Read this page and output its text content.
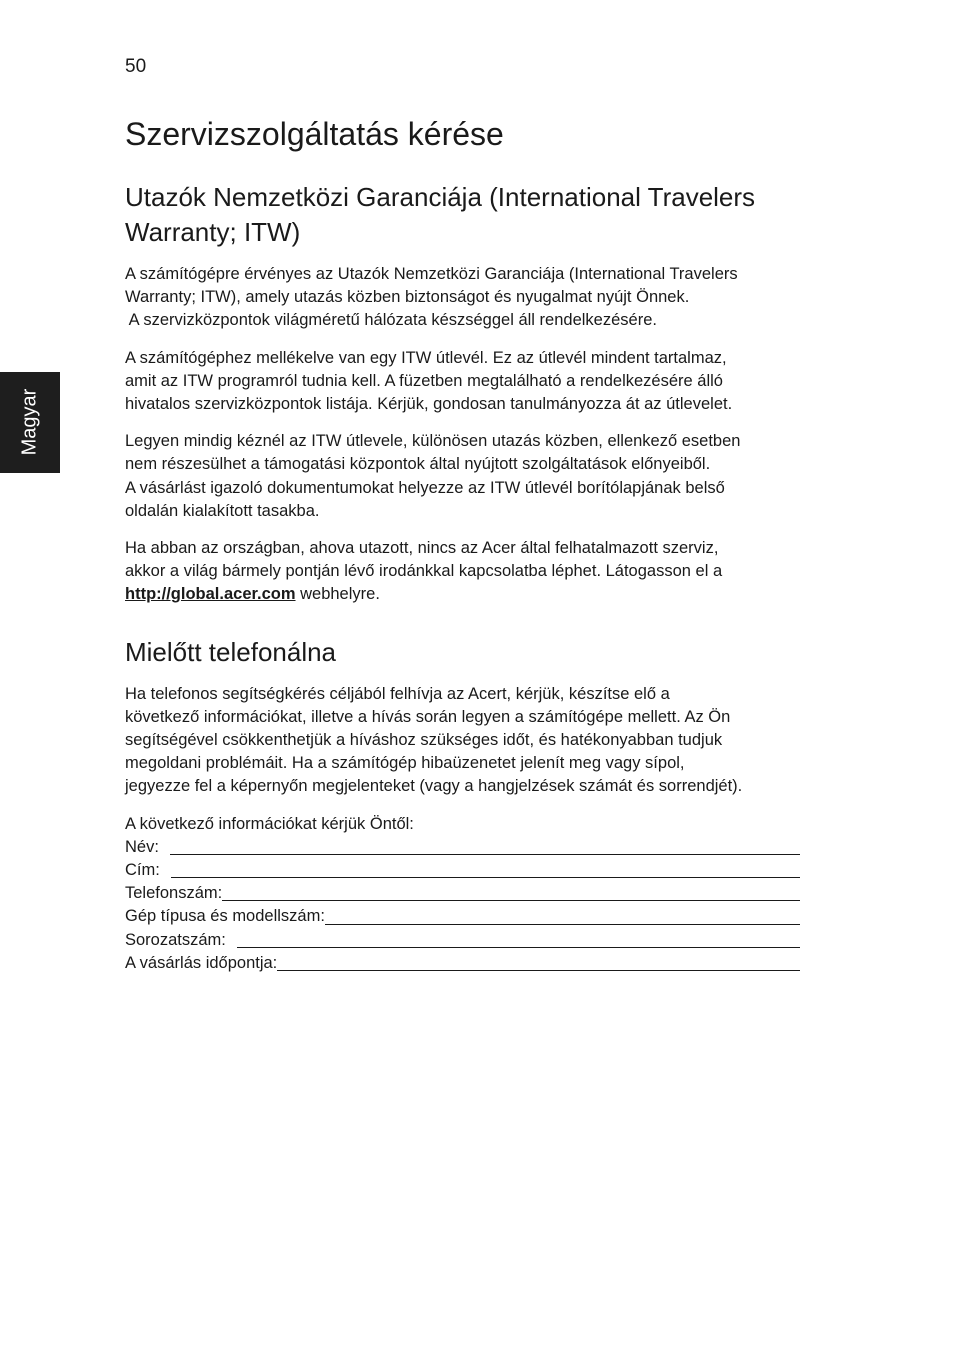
50
Magyar
Szervizszolgáltatás kérése
Utazók Nemzetközi Garanciája (International Travelers
Warranty; ITW)

A számítógépre érvényes az Utazók Nemzetközi Garanciája (International Travelers
Warranty; ITW), amely utazás közben biztonságot és nyugalmat nyújt Önnek.
A szervizközpontok világméretű hálózata készséggel áll rendelkezésére.

A számítógéphez mellékelve van egy ITW útlevél. Ez az útlevél mindent tartalmaz,
amit az ITW programról tudnia kell. A füzetben megtalálható a rendelkezésére álló
hivatalos szervizközpontok listája. Kérjük, gondosan tanulmányozza át az útlevelet.

Legyen mindig kéznél az ITW útlevele, különösen utazás közben, ellenkező esetben
nem részesülhet a támogatási központok által nyújtott szolgáltatások előnyeiből.
A vásárlást igazoló dokumentumokat helyezze az ITW útlevél borítólapjának belső
oldalán kialakított tasakba.

Ha abban az országban, ahova utazott, nincs az Acer által felhatalmazott szerviz,
akkor a világ bármely pontján lévő irodánkkal kapcsolatba léphet. Látogasson el a
http://global.acer.com webhelyre.

Mielőtt telefonálna

Ha telefonos segítségkérés céljából felhívja az Acert, kérjük, készítse elő a
következő információkat, illetve a hívás során legyen a számítógépe mellett. Az Ön
segítségével csökkenthetjük a híváshoz szükséges időt, és hatékonyabban tudjuk
megoldani problémáit. Ha a számítógép hibaüzenetet jelenít meg vagy sípol,
jegyezze fel a képernyőn megjelenteket (vagy a hangjelzések számát és sorrendjét).

A következő információkat kérjük Öntől:
Név:
Cím:
Telefonszám:
Gép típusa és modellszám:
Sorozatszám:
A vásárlás időpontja:
